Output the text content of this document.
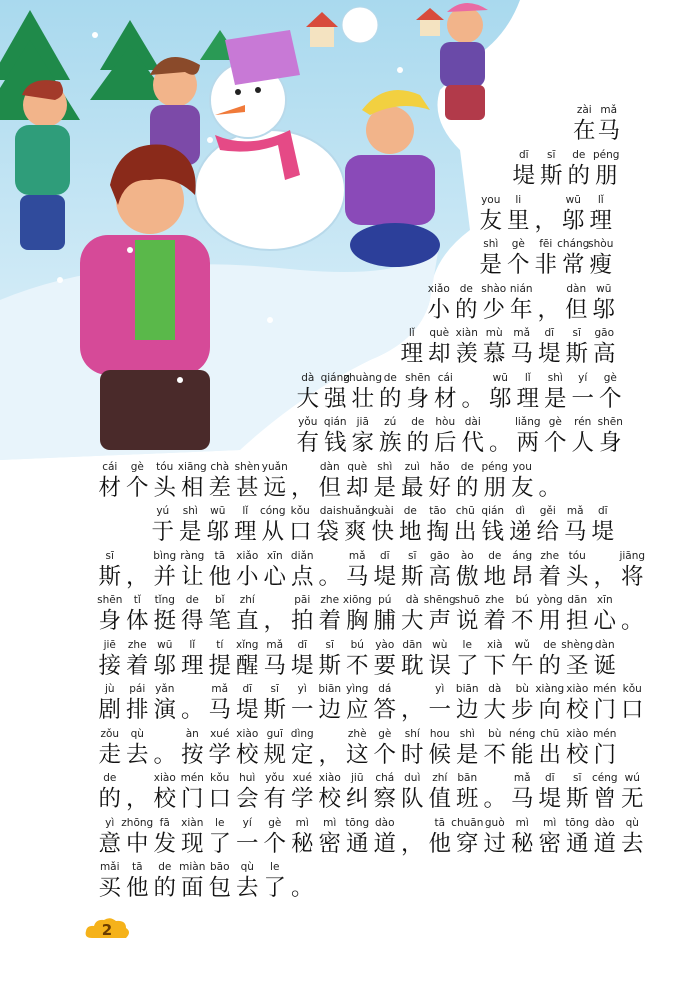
zài
在
mǎ
马
dī
堤
sī
斯
de
的
péng
朋
you
友
li
里
，
wū
邬
lǐ
理
shì
是
gè
个
fēi
非
cháng
常
shòu
瘦
xiǎo
小
de
的
shào
少
nián
年
，
dàn
但
wū
邬
lǐ
理
què
却
xiàn
羡
mù
慕
mǎ
马
dī
堤
sī
斯
gāo
高
dà
大
qiáng
强
zhuàng
壮
de
的
shēn
身
cái
材
。
wū
邬
lǐ
理
shì
是
yí
一
gè
个
yǒu
有
qián
钱
jiā
家
zú
族
de
的
hòu
后
dài
代
。
liǎng
两
gè
个
rén
人
shēn
身
cái
材
gè
个
tóu
头
xiāng
相
chà
差
shèn
甚
yuǎn
远
，
dàn
但
què
却
shì
是
zuì
最
hǎo
好
de
的
péng
朋
you
友
。
yú
于
shì
是
wū
邬
lǐ
理
cóng
从
kǒu
口
dai
袋
shuǎng
爽
kuài
快
de
地
tāo
掏
chū
出
qián
钱
dì
递
gěi
给
mǎ
马
dī
堤
sī
斯
，
bìng
并
ràng
让
tā
他
xiǎo
小
xīn
心
diǎn
点
。
mǎ
马
dī
堤
sī
斯
gāo
高
ào
傲
de
地
áng
昂
zhe
着
tóu
头
，
jiāng
将
shēn
身
tǐ
体
tǐng
挺
de
得
bǐ
笔
zhí
直
，
pāi
拍
zhe
着
xiōng
胸
pú
脯
dà
大
shēng
声
shuō
说
zhe
着
bú
不
yòng
用
dān
担
xīn
心
。
jiē
接
zhe
着
wū
邬
lǐ
理
tí
提
xǐng
醒
mǎ
马
dī
堤
sī
斯
bú
不
yào
要
dān
耽
wù
误
le
了
xià
下
wǔ
午
de
的
shèng
圣
dàn
诞
jù
剧
pái
排
yǎn
演
。
mǎ
马
dī
堤
sī
斯
yì
一
biān
边
yìng
应
dá
答
，
yì
一
biān
边
dà
大
bù
步
xiàng
向
xiào
校
mén
门
kǒu
口
zǒu
走
qù
去
。
àn
按
xué
学
xiào
校
guī
规
dìng
定
，
zhè
这
gè
个
shí
时
hou
候
shì
是
bù
不
néng
能
chū
出
xiào
校
mén
门
de
的
，
xiào
校
mén
门
kǒu
口
huì
会
yǒu
有
xué
学
xiào
校
jiū
纠
chá
察
duì
队
zhí
值
bān
班
。
mǎ
马
dī
堤
sī
斯
céng
曾
wú
无
yì
意
zhōng
中
fā
发
xiàn
现
le
了
yí
一
gè
个
mì
秘
mì
密
tōng
通
dào
道
，
tā
他
chuān
穿
guò
过
mì
秘
mì
密
tōng
通
dào
道
qù
去
mǎi
买
tā
他
de
的
miàn
面
bāo
包
qù
去
le
了
。
2
